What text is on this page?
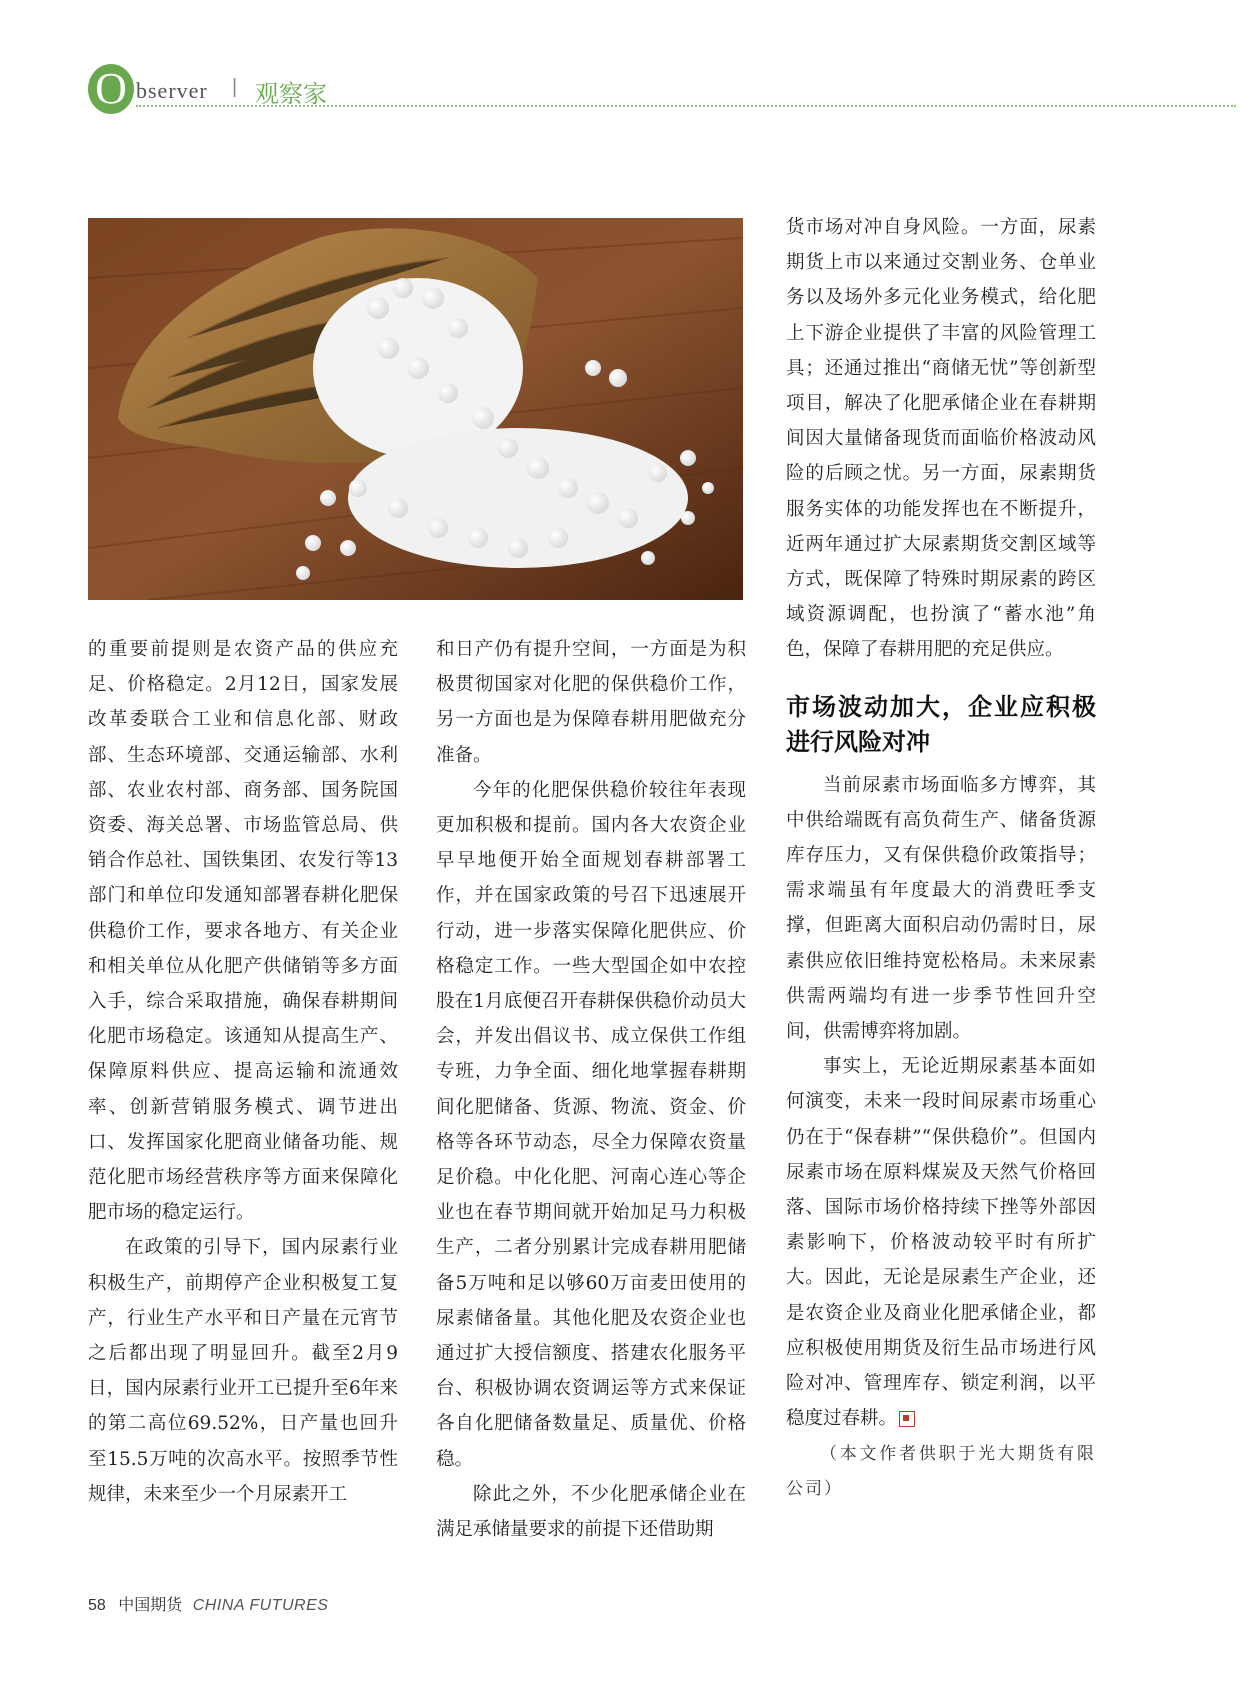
O bserver | 观察家

的重要前提则是农资产品的供应充足、价格稳定。2月12日，国家发展改革委联合工业和信息化部、财政部、生态环境部、交通运输部、水利部、农业农村部、商务部、国务院国资委、海关总署、市场监管总局、供销合作总社、国铁集团、农发行等13部门和单位印发通知部署春耕化肥保供稳价工作，要求各地方、有关企业和相关单位从化肥产供储销等多方面入手，综合采取措施，确保春耕期间化肥市场稳定。该通知从提高生产、保障原料供应、提高运输和流通效率、创新营销服务模式、调节进出口、发挥国家化肥商业储备功能、规范化肥市场经营秩序等方面来保障化肥市场的稳定运行。

在政策的引导下，国内尿素行业积极生产，前期停产企业积极复工复产，行业生产水平和日产量在元宵节之后都出现了明显回升。截至2月9日，国内尿素行业开工已提升至6年来的第二高位69.52%，日产量也回升至15.5万吨的次高水平。按照季节性规律，未来至少一个月尿素开工

和日产仍有提升空间，一方面是为积极贯彻国家对化肥的保供稳价工作，另一方面也是为保障春耕用肥做充分准备。

今年的化肥保供稳价较往年表现更加积极和提前。国内各大农资企业早早地便开始全面规划春耕部署工作，并在国家政策的号召下迅速展开行动，进一步落实保障化肥供应、价格稳定工作。一些大型国企如中农控股在1月底便召开春耕保供稳价动员大会，并发出倡议书、成立保供工作组专班，力争全面、细化地掌握春耕期间化肥储备、货源、物流、资金、价格等各环节动态，尽全力保障农资量足价稳。中化化肥、河南心连心等企业也在春节期间就开始加足马力积极生产，二者分别累计完成春耕用肥储备5万吨和足以够60万亩麦田使用的尿素储备量。其他化肥及农资企业也通过扩大授信额度、搭建农化服务平台、积极协调农资调运等方式来保证各自化肥储备数量足、质量优、价格稳。

除此之外，不少化肥承储企业在满足承储量要求的前提下还借助期

货市场对冲自身风险。一方面，尿素期货上市以来通过交割业务、仓单业务以及场外多元化业务模式，给化肥上下游企业提供了丰富的风险管理工具；还通过推出“商储无忧”等创新型项目，解决了化肥承储企业在春耕期间因大量储备现货而面临价格波动风险的后顾之忧。另一方面，尿素期货服务实体的功能发挥也在不断提升，近两年通过扩大尿素期货交割区域等方式，既保障了特殊时期尿素的跨区域资源调配，也扮演了“蓄水池”角色，保障了春耕用肥的充足供应。

市场波动加大，企业应积极进行风险对冲

当前尿素市场面临多方博弈，其中供给端既有高负荷生产、储备货源库存压力，又有保供稳价政策指导；需求端虽有年度最大的消费旺季支撑，但距离大面积启动仍需时日，尿素供应依旧维持宽松格局。未来尿素供需两端均有进一步季节性回升空间，供需博弈将加剧。

事实上，无论近期尿素基本面如何演变，未来一段时间尿素市场重心仍在于“保春耕”“保供稳价”。但国内尿素市场在原料煤炭及天然气价格回落、国际市场价格持续下挫等外部因素影响下，价格波动较平时有所扩大。因此，无论是尿素生产企业，还是农资企业及商业化肥承储企业，都应积极使用期货及衍生品市场进行风险对冲、管理库存、锁定利润，以平稳度过春耕。

（本文作者供职于光大期货有限公司）

58 中国期货 CHINA FUTURES
